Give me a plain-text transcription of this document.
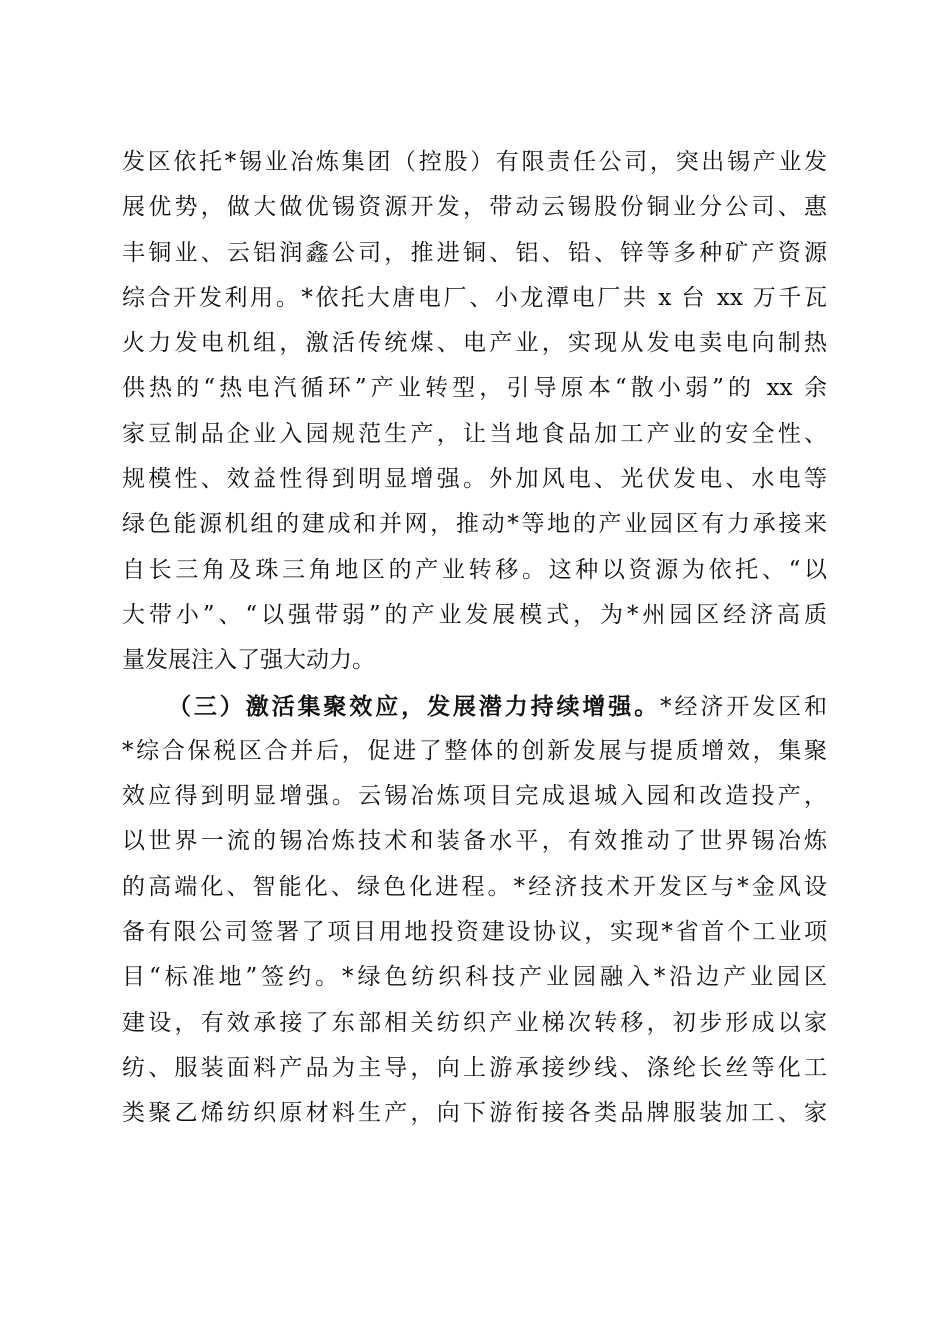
发区依托*锡业冶炼集团（控股）有限责任公司，突出锡产业发
展优势，做大做优锡资源开发，带动云锡股份铜业分公司、惠
丰铜业、云铝润鑫公司，推进铜、铝、铅、锌等多种矿产资源
综合开发利用。*依托大唐电厂、小龙潭电厂共 x 台 xx 万千瓦
火力发电机组，激活传统煤、电产业，实现从发电卖电向制热
供热的“热电汽循环”产业转型，引导原本“散小弱”的 xx 余
家豆制品企业入园规范生产，让当地食品加工产业的安全性、
规模性、效益性得到明显增强。外加风电、光伏发电、水电等
绿色能源机组的建成和并网，推动*等地的产业园区有力承接来
自长三角及珠三角地区的产业转移。这种以资源为依托、“以
大带小”、“以强带弱”的产业发展模式，为*州园区经济高质
量发展注入了强大动力。
（三）激活集聚效应，发展潜力持续增强。*经济开发区和
*综合保税区合并后，促进了整体的创新发展与提质增效，集聚
效应得到明显增强。云锡冶炼项目完成退城入园和改造投产，
以世界一流的锡冶炼技术和装备水平，有效推动了世界锡冶炼
的高端化、智能化、绿色化进程。*经济技术开发区与*金风设
备有限公司签署了项目用地投资建设协议，实现*省首个工业项
目“标准地”签约。*绿色纺织科技产业园融入*沿边产业园区
建设，有效承接了东部相关纺织产业梯次转移，初步形成以家
纺、服装面料产品为主导，向上游承接纱线、涤纶长丝等化工
类聚乙烯纺织原材料生产，向下游衔接各类品牌服装加工、家
